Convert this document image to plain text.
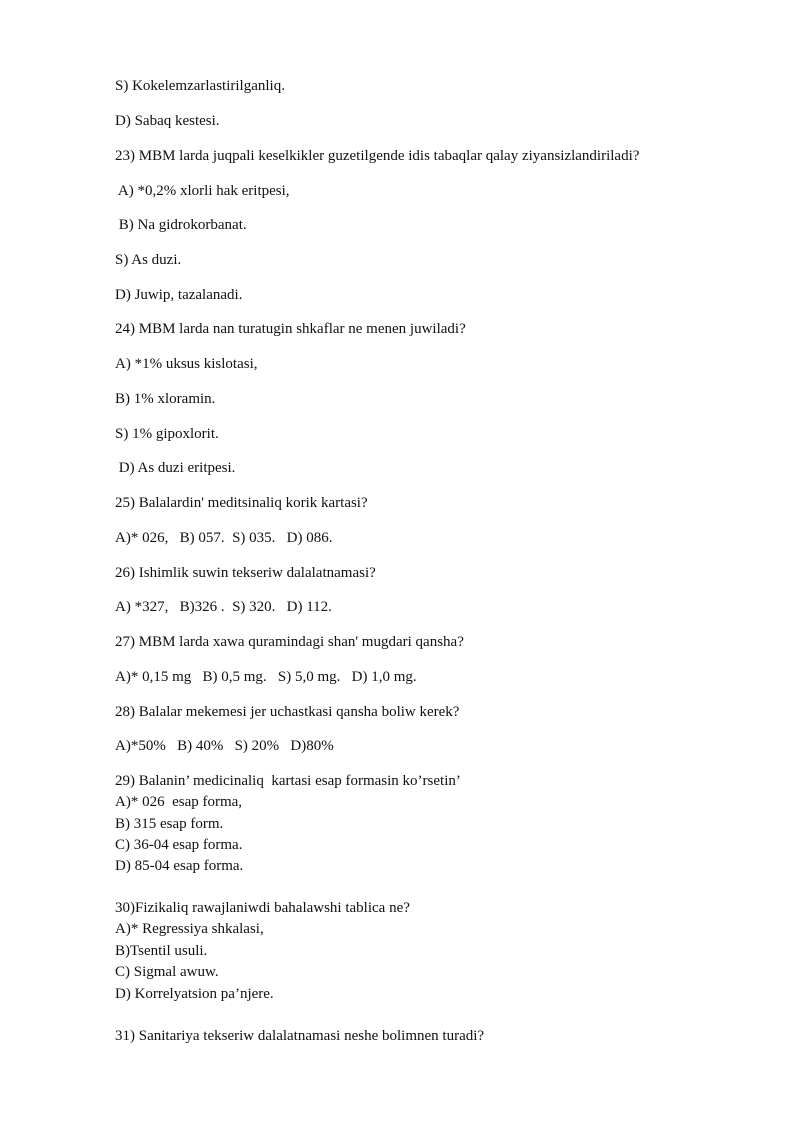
S) Kokelemzarlastirilganliq.
D) Sabaq kestesi.
23) MBM larda juqpali keselkikler guzetilgende idis tabaqlar qalay ziyansizlandiriladi?
A) *0,2% xlorli hak eritpesi,
B) Na gidrokorbanat.
S) As duzi.
D) Juwip, tazalanadi.
24) MBM larda nan turatugin shkaflar ne menen juwiladi?
A) *1% uksus kislotasi,
B) 1% xloramin.
S) 1% gipoxlorit.
D) As duzi eritpesi.
25) Balalardin' meditsinaliq korik kartasi?
A)* 026,   B) 057.  S) 035.   D) 086.
26) Ishimlik suwin tekseriw dalalatnamasi?
A) *327,   B)326 .  S) 320.   D) 112.
27) MBM larda xawa quramindagi shan' mugdari qansha?
A)* 0,15 mg   B) 0,5 mg.   S) 5,0 mg.   D) 1,0 mg.
28) Balalar mekemesi jer uchastkasi qansha boliw kerek?
A)*50%   B) 40%   S) 20%   D)80%
29) Balanin’ medicinaliq  kartasi esap formasin ko’rsetin’
A)* 026  esap forma,
B) 315 esap form.
C) 36-04 esap forma.
D) 85-04 esap forma.
30)Fizikaliq rawajlaniwdi bahalawshi tablica ne?
A)* Regressiya shkalasi,
B)Tsentil usuli.
C) Sigmal awuw.
D) Korrelyatsion pa’njere.
31) Sanitariya tekseriw dalalatnamasi neshe bolimnen turadi?
